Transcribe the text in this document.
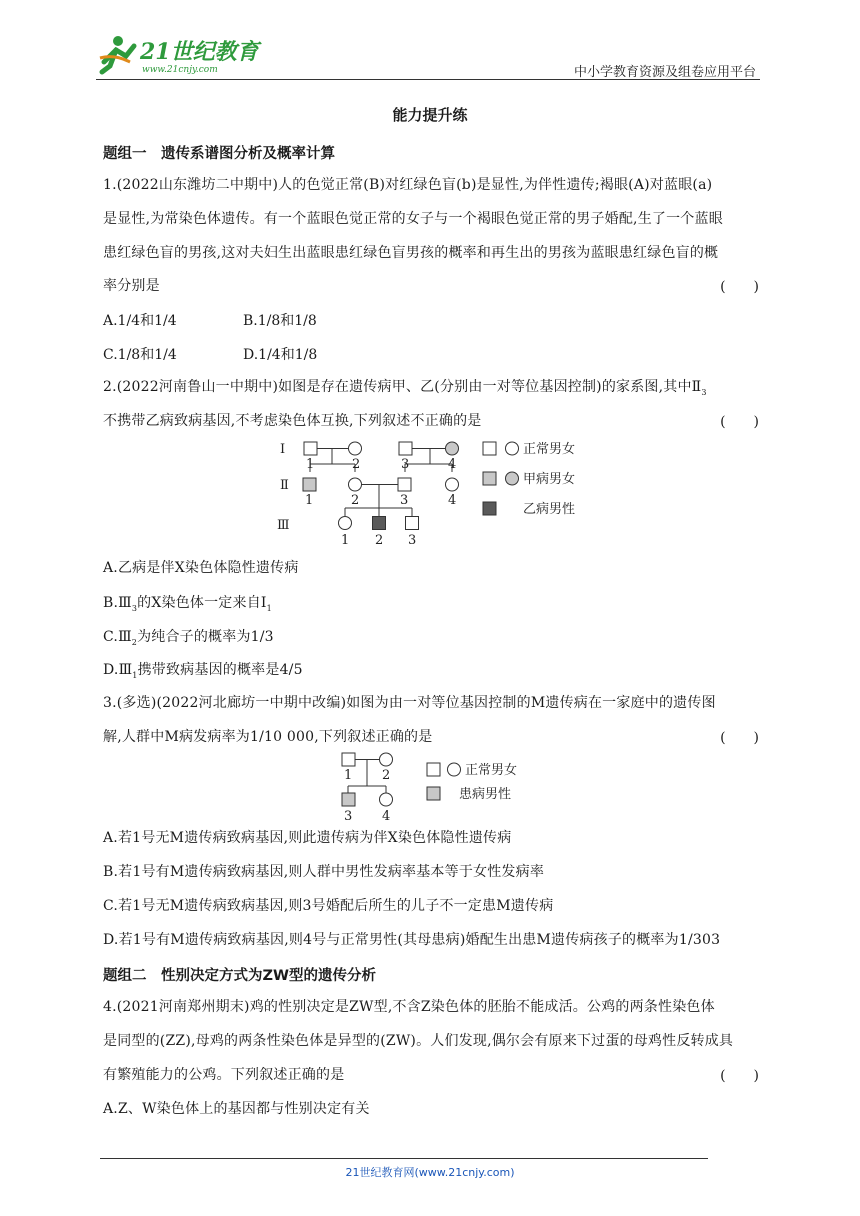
21世纪教育
www.21cnjy.com	中小学教育资源及组卷应用平台
能力提升练
题组一　遗传系谱图分析及概率计算
1.(2022山东潍坊二中期中)人的色觉正常(B)对红绿色盲(b)是显性,为伴性遗传;褐眼(A)对蓝眼(a)
是显性,为常染色体遗传。有一个蓝眼色觉正常的女子与一个褐眼色觉正常的男子婚配,生了一个蓝眼
患红绿色盲的男孩,这对夫妇生出蓝眼患红绿色盲男孩的概率和再生出的男孩为蓝眼患红绿色盲的概
率分别是	(　　)
A.1/4和1/4	B.1/8和1/8
C.1/8和1/4	D.1/4和1/8
2.(2022河南鲁山一中期中)如图是存在遗传病甲、乙(分别由一对等位基因控制)的家系图,其中$Ⅱ_3$
不携带乙病致病基因,不考虑染色体互换,下列叙述不正确的是	(　　)
Ⅰ
Ⅱ
Ⅲ
1	2	3	4
1	2	3	4
1 2 3
正常男女
甲病男女
乙病男性
A.乙病是伴X染色体隐性遗传病
$B.Ⅲ_3$的X染色体一定来自$Ⅰ_1$
$C.Ⅲ_2$为纯合子的概率为1/3
$D.Ⅲ_1$携带致病基因的概率是4/5
3.(多选)(2022河北廊坊一中期中改编)如图为由一对等位基因控制的M遗传病在一家庭中的遗传图
解,人群中M病发病率为1/10 000,下列叙述正确的是	(　　)
1 2
3 4
正常男女
患病男性
A.若1号无M遗传病致病基因,则此遗传病为伴X染色体隐性遗传病
B.若1号有M遗传病致病基因,则人群中男性发病率基本等于女性发病率
C.若1号无M遗传病致病基因,则3号婚配后所生的儿子不一定患M遗传病
D.若1号有M遗传病致病基因,则4号与正常男性(其母患病)婚配生出患M遗传病孩子的概率为1/303
题组二　性别决定方式为ZW型的遗传分析
4.(2021河南郑州期末)鸡的性别决定是ZW型,不含Z染色体的胚胎不能成活。公鸡的两条性染色体
是同型的(ZZ),母鸡的两条性染色体是异型的(ZW)。人们发现,偶尔会有原来下过蛋的母鸡性反转成具
有繁殖能力的公鸡。下列叙述正确的是	(　　)
A.Z、W染色体上的基因都与性别决定有关
21世纪教育网(www.21cnjy.com)
